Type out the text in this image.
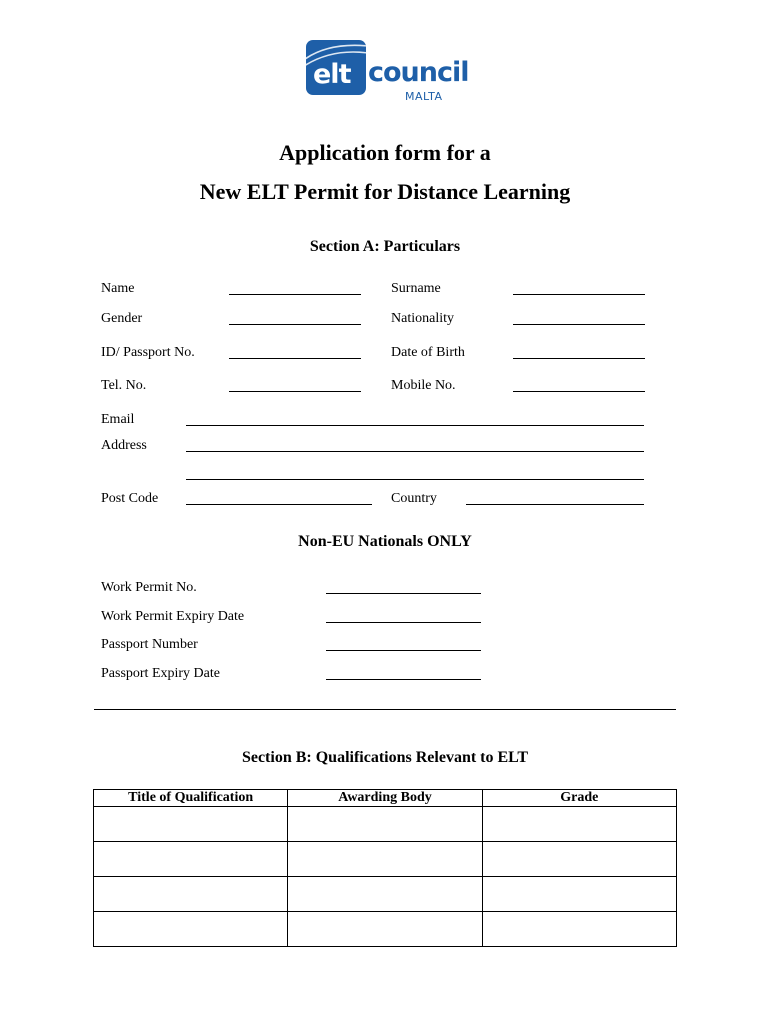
elt council
MALTA
Application form for a
New ELT Permit for Distance Learning
Section A: Particulars
Name	Surname
Gender	Nationality
ID/ Passport No.	Date of Birth
Tel. No.	Mobile No.
Email
Address
Post Code	Country
Non-EU Nationals ONLY
Work Permit No.
Work Permit Expiry Date
Passport Number
Passport Expiry Date
Section B: Qualifications Relevant to ELT
Title of Qualification	Awarding Body	Grade
